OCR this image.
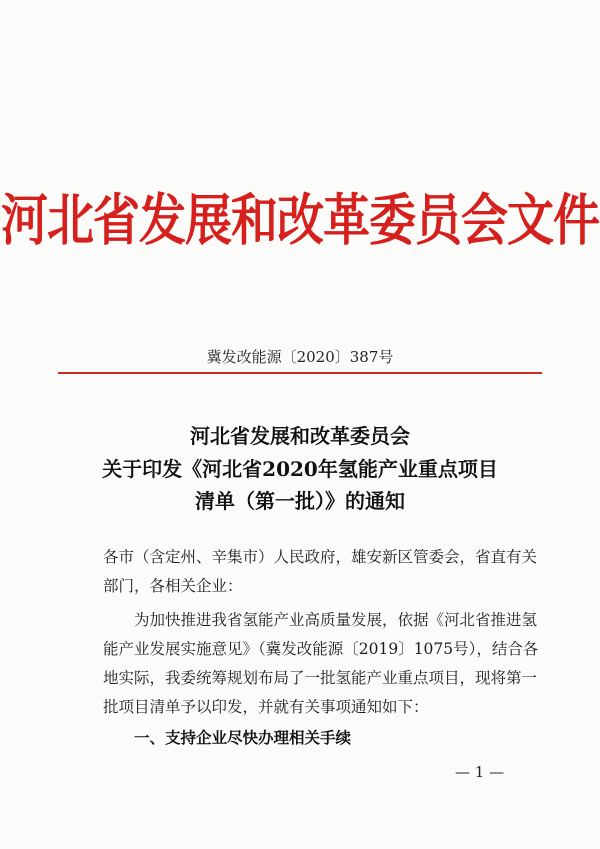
河北省发展和改革委员会文件
冀发改能源〔2020〕387号
河北省发展和改革委员会
关于印发《河北省2020年氢能产业重点项目
清单（第一批）》的通知
各市（含定州、辛集市）人民政府，雄安新区管委会，省直有关
部门，各相关企业：
为加快推进我省氢能产业高质量发展，依据《河北省推进氢
能产业发展实施意见》（冀发改能源〔2019〕1075号），结合各
地实际，我委统筹规划布局了一批氢能产业重点项目，现将第一
批项目清单予以印发，并就有关事项通知如下：
一、支持企业尽快办理相关手续
— 1 —
